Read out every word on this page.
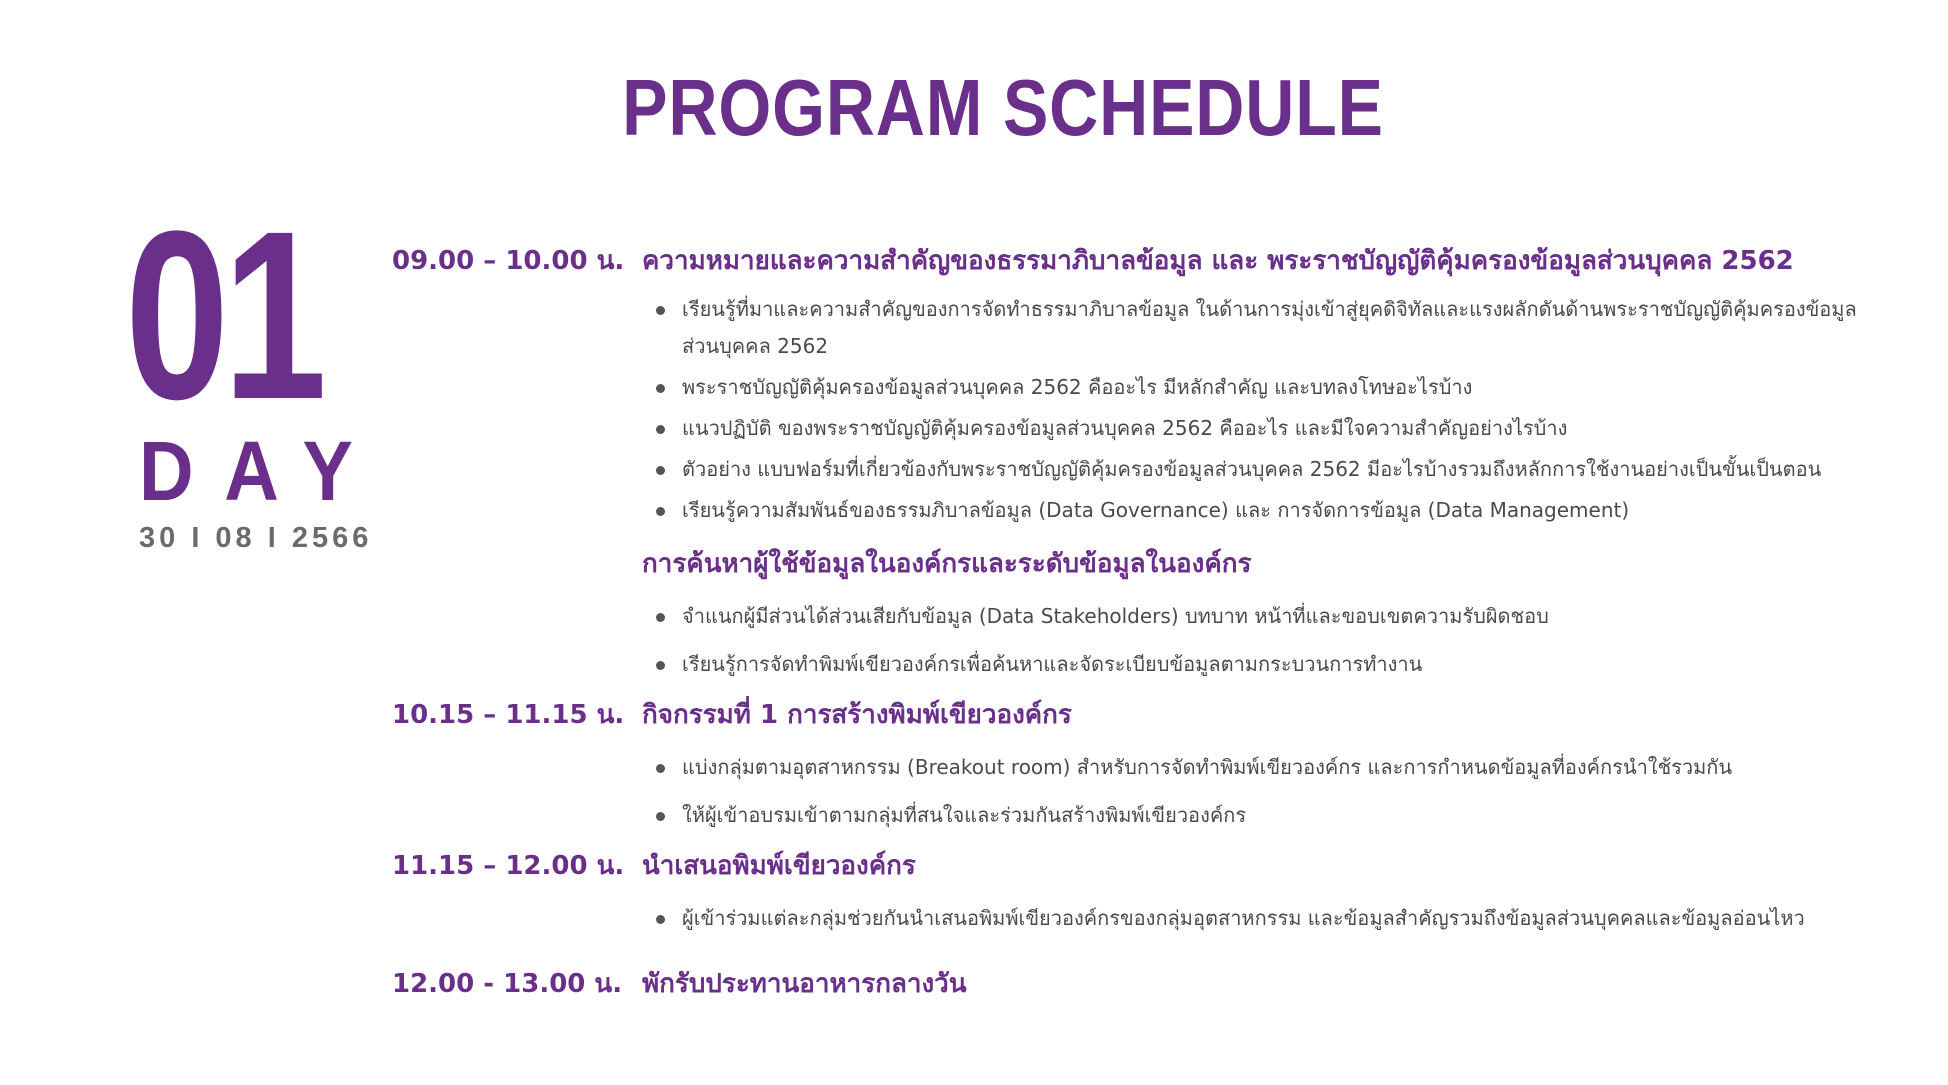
PROGRAM SCHEDULE
01
DAY
30 I 08 I 2566
09.00 – 10.00 น. ความหมายและความสำคัญของธรรมาภิบาลข้อมูล และ พระราชบัญญัติคุ้มครองข้อมูลส่วนบุคคล 2562
เรียนรู้ที่มาและความสำคัญของการจัดทำธรรมาภิบาลข้อมูล ในด้านการมุ่งเข้าสู่ยุคดิจิทัลและแรงผลักดันด้านพระราชบัญญัติคุ้มครองข้อมูลส่วนบุคคล 2562
พระราชบัญญัติคุ้มครองข้อมูลส่วนบุคคล 2562 คืออะไร มีหลักสำคัญ และบทลงโทษอะไรบ้าง
แนวปฏิบัติ ของพระราชบัญญัติคุ้มครองข้อมูลส่วนบุคคล 2562 คืออะไร และมีใจความสำคัญอย่างไรบ้าง
ตัวอย่าง แบบฟอร์มที่เกี่ยวข้องกับพระราชบัญญัติคุ้มครองข้อมูลส่วนบุคคล 2562 มีอะไรบ้างรวมถึงหลักการใช้งานอย่างเป็นขั้นเป็นตอน
เรียนรู้ความสัมพันธ์ของธรรมภิบาลข้อมูล (Data Governance) และ การจัดการข้อมูล (Data Management)
การค้นหาผู้ใช้ข้อมูลในองค์กรและระดับข้อมูลในองค์กร
จำแนกผู้มีส่วนได้ส่วนเสียกับข้อมูล (Data Stakeholders) บทบาท หน้าที่และขอบเขตความรับผิดชอบ
เรียนรู้การจัดทำพิมพ์เขียวองค์กรเพื่อค้นหาและจัดระเบียบข้อมูลตามกระบวนการทำงาน
10.15 – 11.15 น. กิจกรรมที่ 1 การสร้างพิมพ์เขียวองค์กร
แบ่งกลุ่มตามอุตสาหกรรม (Breakout room) สำหรับการจัดทำพิมพ์เขียวองค์กร และการกำหนดข้อมูลที่องค์กรนำใช้รวมกัน
ให้ผู้เข้าอบรมเข้าตามกลุ่มที่สนใจและร่วมกันสร้างพิมพ์เขียวองค์กร
11.15 – 12.00 น. นำเสนอพิมพ์เขียวองค์กร
ผู้เข้าร่วมแต่ละกลุ่มช่วยกันนำเสนอพิมพ์เขียวองค์กรของกลุ่มอุตสาหกรรม และข้อมูลสำคัญรวมถึงข้อมูลส่วนบุคคลและข้อมูลอ่อนไหว
12.00 - 13.00 น. พักรับประทานอาหารกลางวัน
